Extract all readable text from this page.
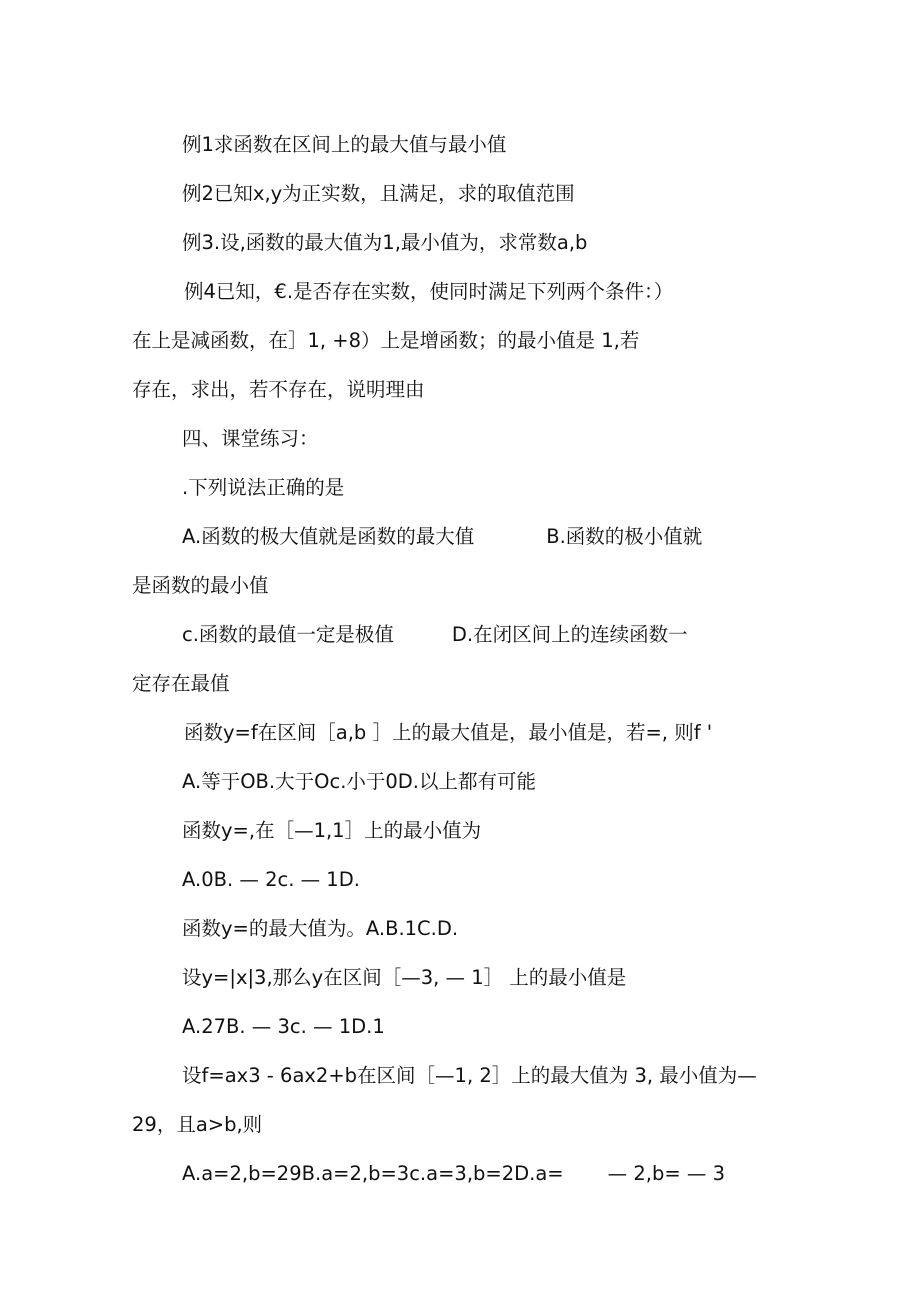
例1求函数在区间上的最大值与最小值

例2已知x,y为正实数，且满足，求的取值范围

例3.设,函数的最大值为1,最小值为，求常数a,b

例4已知，€.是否存在实数，使同时满足下列两个条件：）

在上是减函数，在］1, +8）上是增函数；的最小值是 1,若

存在，求出，若不存在，说明理由

四、课堂练习：

.下列说法正确的是

A.函数的极大值就是函数的最大值	B.函数的极小值就

是函数的最小值

c.函数的最值一定是极值	D.在闭区间上的连续函数一

定存在最值

函数y=f在区间［a,b ］上的最大值是，最小值是，若=, 则f '

A.等于OB.大于Oc.小于0D.以上都有可能

函数y=,在［—1,1］上的最小值为

A.0B. — 2c. — 1D.

函数y=的最大值为。A.B.1C.D.

设y=|x|3,那么y在区间［—3, — 1］ 上的最小值是

A.27B. — 3c. — 1D.1

设f=ax3 - 6ax2+b在区间［—1, 2］上的最大值为 3, 最小值为—

29，且a>b,则

A.a=2,b=29B.a=2,b=3c.a=3,b=2D.a= — 2,b= — 3
